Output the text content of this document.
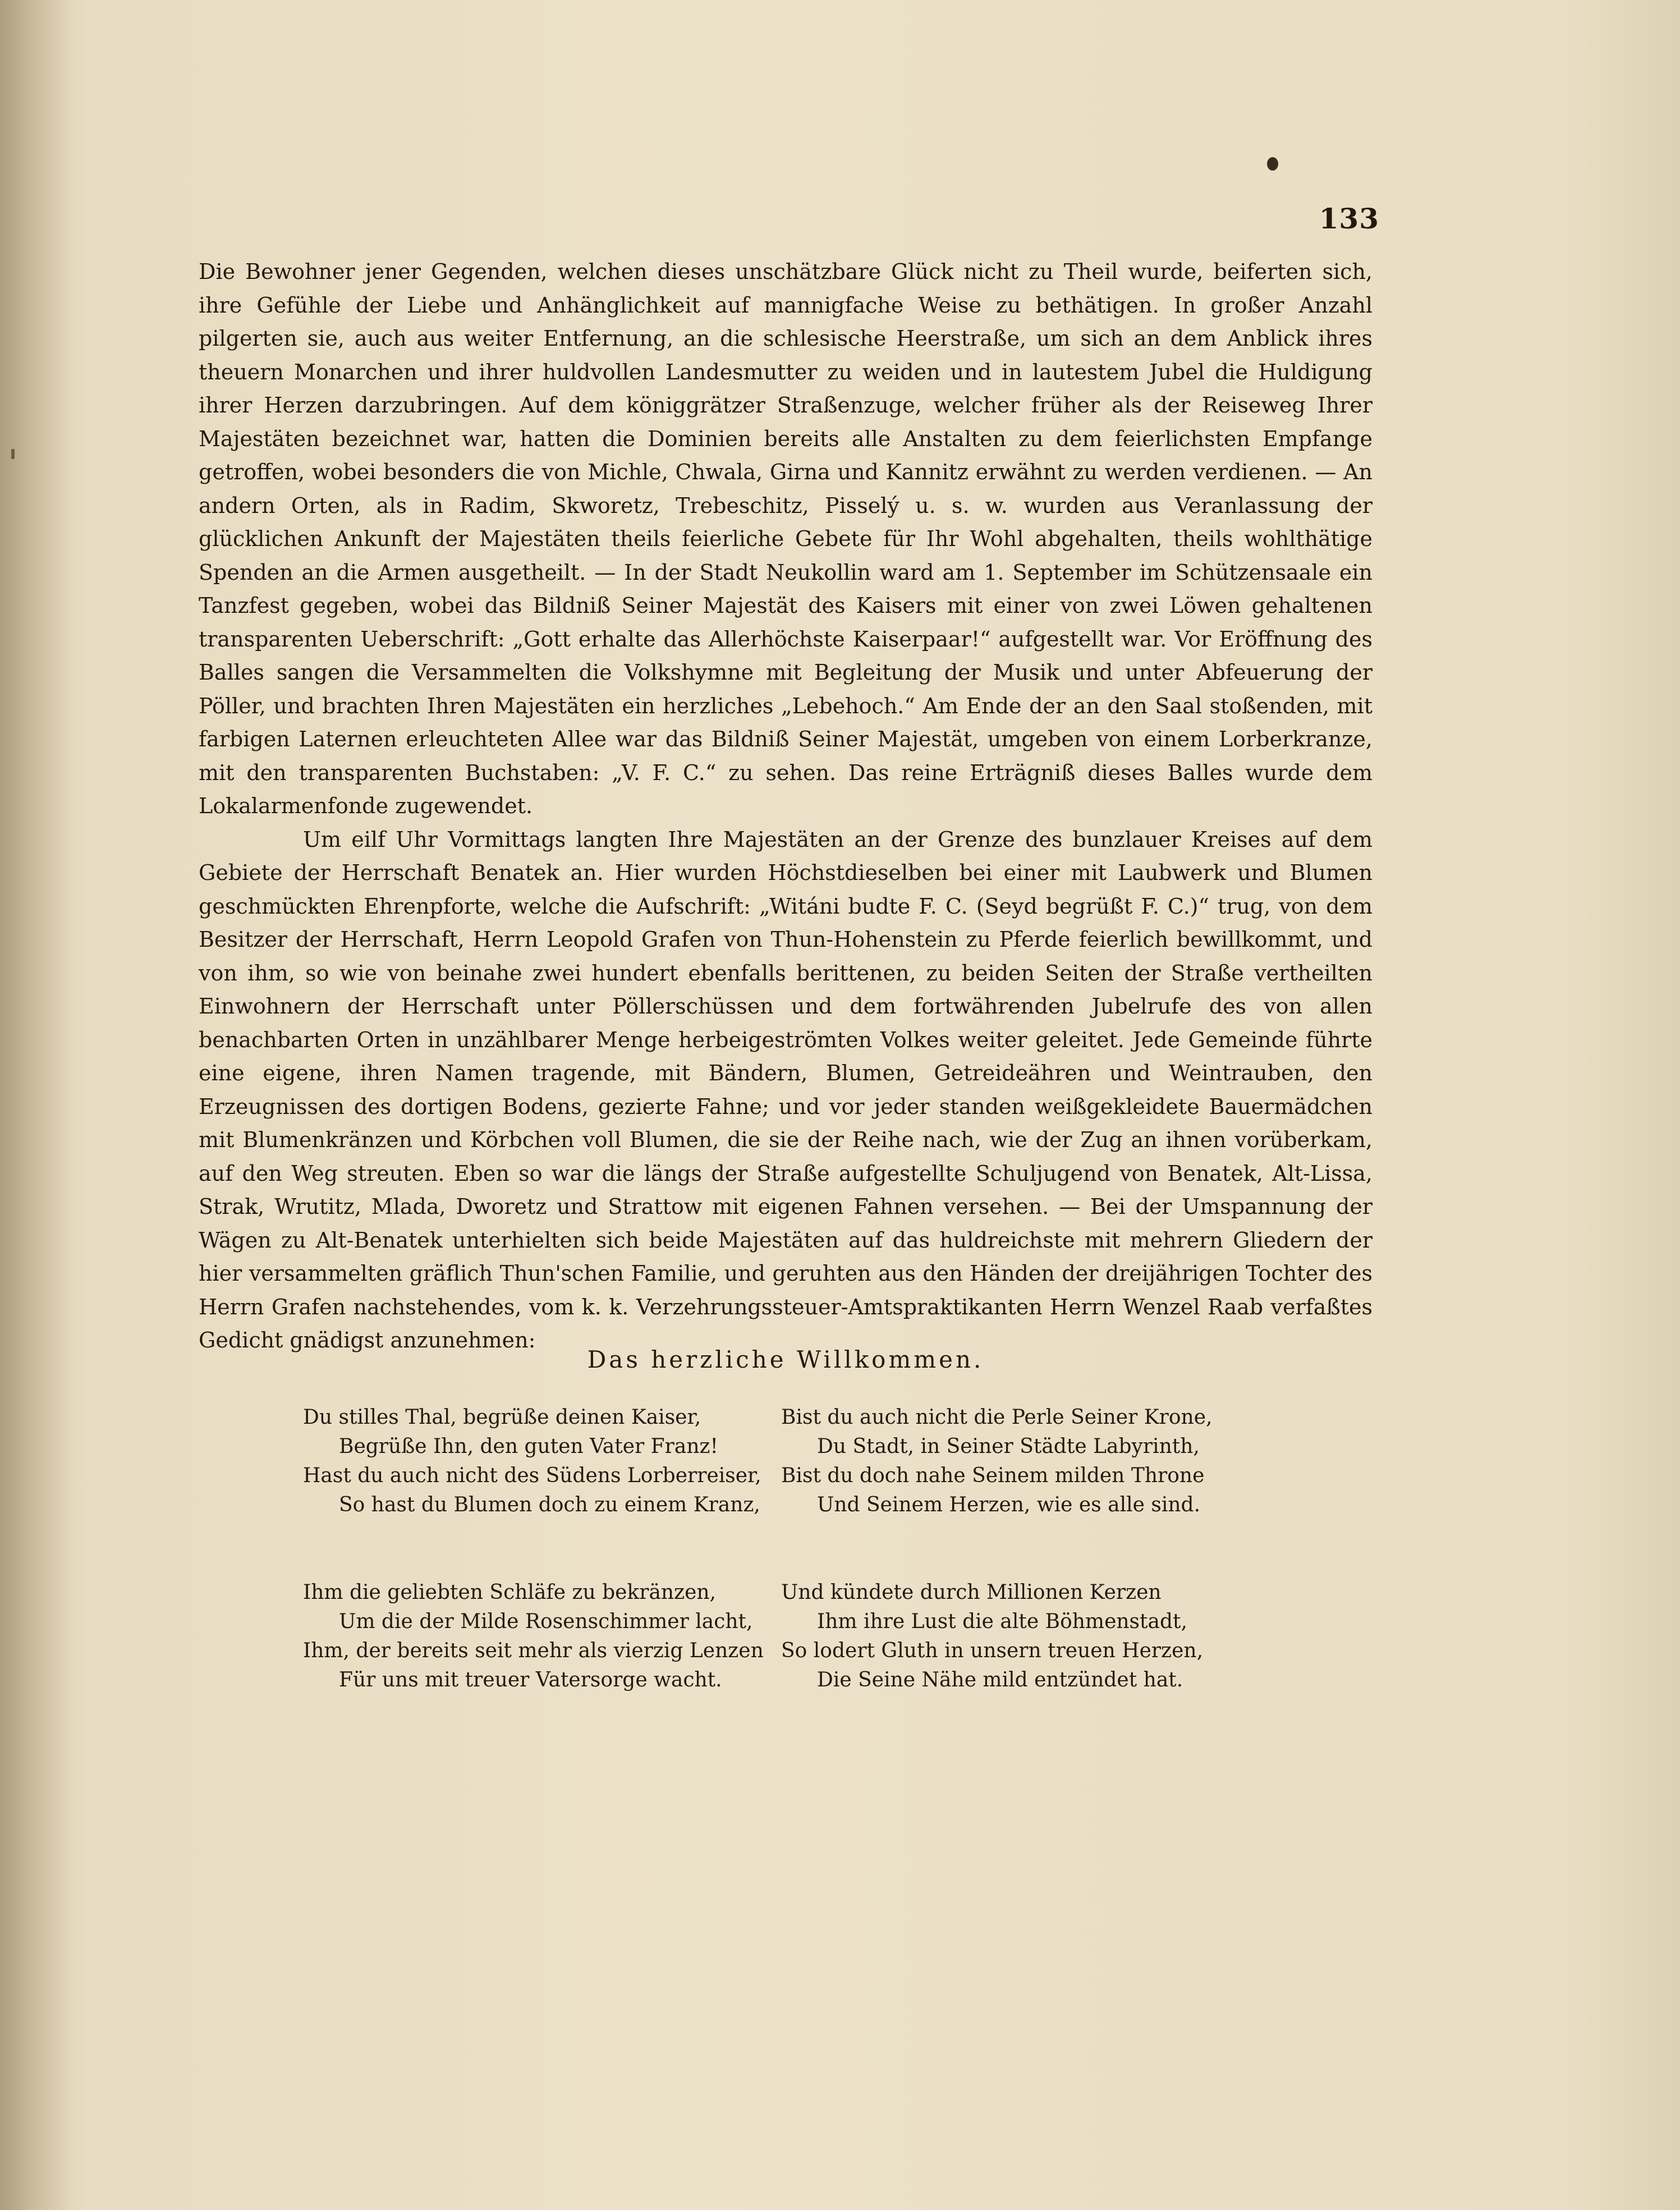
133

Die Bewohner jener Gegenden, welchen dieses unschätzbare Glück nicht zu Theil wurde, beiferten sich, ihre Gefühle der Liebe und Anhänglichkeit auf mannigfache Weise zu bethätigen. In großer Anzahl pilgerten sie, auch aus weiter Entfernung, an die schlesische Heerstraße, um sich an dem Anblick ihres theuern Monarchen und ihrer huldvollen Landesmutter zu weiden und in lautestem Jubel die Huldigung ihrer Herzen darzubringen. Auf dem königgrätzer Straßenzuge, welcher früher als der Reiseweg Ihrer Majestäten bezeichnet war, hatten die Dominien bereits alle Anstalten zu dem feierlichsten Empfange getroffen, wobei besonders die von Michle, Chwala, Girna und Kannitz erwähnt zu werden verdienen. — An andern Orten, als in Radim, Skworetz, Trebeschitz, Pisselý u. s. w. wurden aus Veranlassung der glücklichen Ankunft der Majestäten theils feierliche Gebete für Ihr Wohl abgehalten, theils wohlthätige Spenden an die Armen ausgetheilt. — In der Stadt Neukollin ward am 1. September im Schützensaale ein Tanzfest gegeben, wobei das Bildniß Seiner Majestät des Kaisers mit einer von zwei Löwen gehaltenen transparenten Ueberschrift: „Gott erhalte das Allerhöchste Kaiserpaar!“ aufgestellt war. Vor Eröffnung des Balles sangen die Versammelten die Volkshymne mit Begleitung der Musik und unter Abfeuerung der Pöller, und brachten Ihren Majestäten ein herzliches „Lebehoch.“ Am Ende der an den Saal stoßenden, mit farbigen Laternen erleuchteten Allee war das Bildniß Seiner Majestät, umgeben von einem Lorberkranze, mit den transparenten Buchstaben: „V. F. C.“ zu sehen. Das reine Erträgniß dieses Balles wurde dem Lokalarmenfonde zugewendet.

Um eilf Uhr Vormittags langten Ihre Majestäten an der Grenze des bunzlauer Kreises auf dem Gebiete der Herrschaft Benatek an. Hier wurden Höchstdieselben bei einer mit Laubwerk und Blumen geschmückten Ehrenpforte, welche die Aufschrift: „Witáni budte F. C. (Seyd begrüßt F. C.)“ trug, von dem Besitzer der Herrschaft, Herrn Leopold Grafen von Thun-Hohenstein zu Pferde feierlich bewillkommt, und von ihm, so wie von beinahe zwei hundert ebenfalls berittenen, zu beiden Seiten der Straße vertheilten Einwohnern der Herrschaft unter Pöllerschüssen und dem fortwährenden Jubelrufe des von allen benachbarten Orten in unzählbarer Menge herbeigeströmten Volkes weiter geleitet. Jede Gemeinde führte eine eigene, ihren Namen tragende, mit Bändern, Blumen, Getreideähren und Weintrauben, den Erzeugnissen des dortigen Bodens, gezierte Fahne; und vor jeder standen weißgekleidete Bauermädchen mit Blumenkränzen und Körbchen voll Blumen, die sie der Reihe nach, wie der Zug an ihnen vorüberkam, auf den Weg streuten. Eben so war die längs der Straße aufgestellte Schuljugend von Benatek, Alt-Lissa, Strak, Wrutitz, Mlada, Dworetz und Strattow mit eigenen Fahnen versehen. — Bei der Umspannung der Wägen zu Alt-Benatek unterhielten sich beide Majestäten auf das huldreichste mit mehrern Gliedern der hier versammelten gräflich Thun'schen Familie, und geruhten aus den Händen der dreijährigen Tochter des Herrn Grafen nachstehendes, vom k. k. Verzehrungssteuer-Amtspraktikanten Herrn Wenzel Raab verfaßtes Gedicht gnädigst anzunehmen:

Das herzliche Willkommen.
Du stilles Thal, begrüße deinen Kaiser,
Begrüße Ihn, den guten Vater Franz!
Hast du auch nicht des Südens Lorberreiser,
So hast du Blumen doch zu einem Kranz,
Ihm die geliebten Schläfe zu bekränzen,
Um die der Milde Rosenschimmer lacht,
Ihm, der bereits seit mehr als vierzig Lenzen
Für uns mit treuer Vatersorge wacht.
Bist du auch nicht die Perle Seiner Krone,
Du Stadt, in Seiner Städte Labyrinth,
Bist du doch nahe Seinem milden Throne
Und Seinem Herzen, wie es alle sind.
Und kündete durch Millionen Kerzen
Ihm ihre Lust die alte Böhmenstadt,
So lodert Gluth in unsern treuen Herzen,
Die Seine Nähe mild entzündet hat.
